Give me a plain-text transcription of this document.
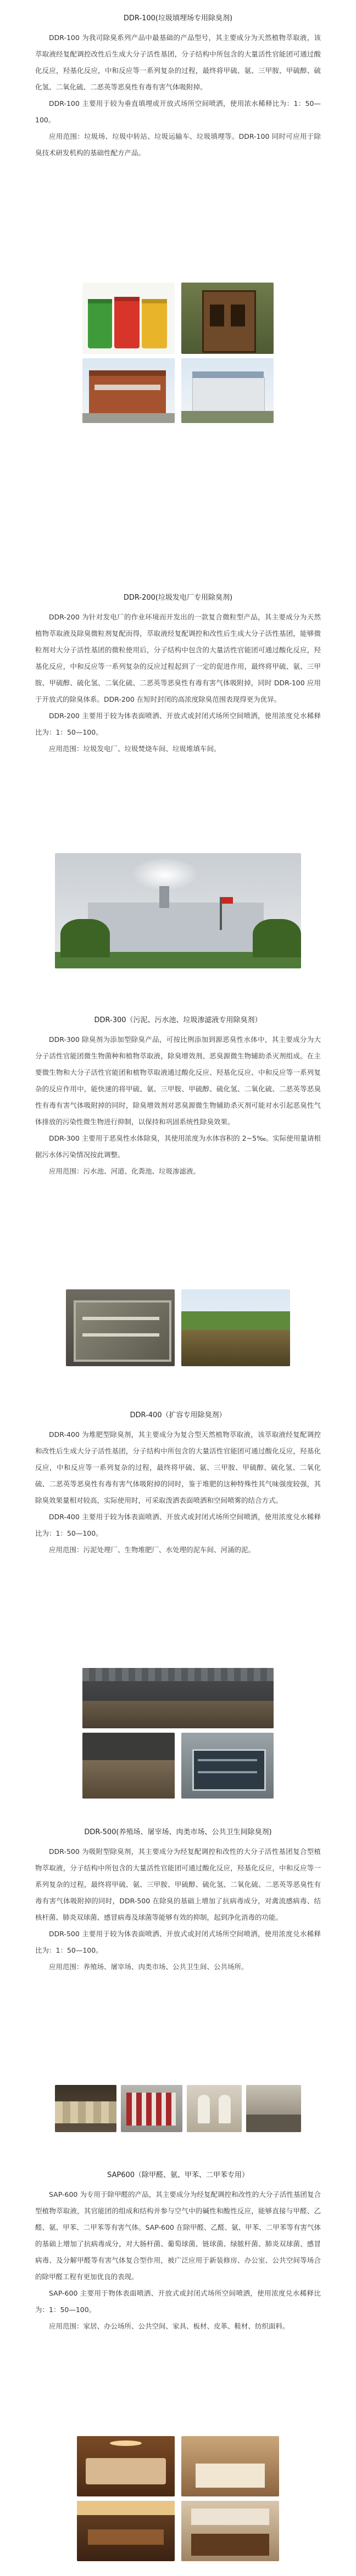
DDR-100(垃圾填埋场专用除臭剂)

DDR-100 为我司除臭系列产品中最基础的产品型号，其主要成分为天然植物萃取液，该萃取液经复配调控改性后生成大分子活性基团，分子结构中所包含的大量活性官能团可通过酸化反应，羟基化反应，中和反应等一系列复杂的过程，最终将甲硫、氨、三甲胺、甲硫醇、硫化氢、二氧化硫、二恶英等恶臭性有毒有害气体吸附掉。

DDR-100 主要用于较为垂直填埋或开放式场所空间喷洒，使用浓水稀释比为：1：50—100。

应用范围：垃圾场、垃圾中转站、垃圾运输车、垃圾填埋等。DDR-100 同时可应用于除臭技术研发机构的基础性配方产品。

DDR-200(垃圾发电厂专用除臭剂)

DDR-200 为针对发电厂的作业环境而开发出的一款复合微粒型产品，其主要成分为天然植物萃取液及除臭微粒剂复配而得，萃取液经复配调控和改性后生成大分子活性基团，能够微粒剂对大分子活性基团的微粒使用后，分子结构中包含的大量活性官能团可通过酸化反应，羟基化反应，中和反应等一系列复杂的反应过程起到了一定的促进作用，最终将甲硫、氨、三甲胺、甲硫醇、硫化氢、二氧化硫、二恶英等恶臭性有毒有害气体吸附掉，同时 DDR-100 应用于开放式的除臭体系。DDR-200 在短时封闭的高浓度除臭范围表现得更为优异。

DDR-200 主要用于较为体表面喷洒、开放式或封闭式场所空间喷洒，使用浓度兑水稀释比为：1：50—100。

应用范围：垃圾发电厂、垃圾焚烧车间、垃圾堆填车间。

DDR-300（污泥、污水池、垃圾渗滤液专用除臭剂）

DDR-300 除臭剂为添加型除臭产品，可按比例添加到源恶臭性水体中，其主要成分为大分子活性官能团微生物菌种和植物萃取液，除臭增效剂、恶臭源微生物辅助杀灭剂组成。在主要微生物和大分子活性官能团和植物萃取液通过酸化反应、羟基化反应、中和反应等一系列复杂的反应作用中，能快速的将甲硫、氨、三甲胺、甲硫醇、硫化氢、二氧化硫、二恶英等恶臭性有毒有害气体吸附掉的同时，除臭增效剂对恶臭源微生物辅助杀灭剂可能对水引起恶臭性气体排放的污染性微生物进行抑制，以保持和巩固系统性除臭效果。

DDR-300 主要用于恶臭性水体除臭，其使用浓度为水体容积的 2~5‰。实际使用量请根据污水体污染情况按此调整。

应用范围：污水池、河道、化粪池、垃圾渗滤液。

DDR-400（扩容专用除臭剂）

DDR-400 为堆肥型除臭剂，其主要成分为复合型天然植物萃取液，该萃取液经复配调控和改性后生成大分子活性基团，分子结构中所包含的大量活性官能团可通过酸化反应，羟基化反应，中和反应等一系列复杂的过程，最终将甲硫、氨、三甲胺、甲硫醇、硫化氢、二氧化硫、二恶英等恶臭性有毒有害气体吸附掉的同时，鉴于堆肥的这种特殊性其气味强度较强，其除臭效果量相对较高，实际使用时，可采取泼洒表面喷洒和空间喷雾的结合方式。

DDR-400 主要用于较为体表面喷洒、开放式或封闭式场所空间喷洒，使用浓度兑水稀释比为：1：50—100。

应用范围：污泥处理厂、生物堆肥厂、水处理的泥车间、河涌的泥。

DDR-500(养殖场、屠宰场、肉类市场、公共卫生间除臭剂)

DDR-500 为吸附型除臭剂，其主要成分为经复配调控和改性的大分子活性基团复合型植物萃取液，分子结构中所包含的大量活性官能团可通过酸化反应，羟基化反应，中和反应等一系列复杂的过程，最终将甲硫、氨、三甲胺、甲硫醇、硫化氢、二氧化硫、二恶英等恶臭性有毒有害气体吸附掉的同时，DDR-500 在除臭的基础上增加了抗病毒成分，对禽流感病毒、结核杆菌、肺炎双球菌、感冒病毒及球菌等能够有效的抑制，起到净化消毒的功能。

DDR-500 主要用于较为体表面喷洒、开放式或封闭式场所空间喷洒，使用浓度兑水稀释比为：1：50—100。

应用范围：养殖场、屠宰场、肉类市场、公共卫生间、公共场所。

SAP600（除甲醛、氨、甲苯、二甲苯专用）

SAP-600 为专用于除甲醛的产品，其主要成分为经复配调控和改性的大分子活性基团复合型植物萃取液，其官能团的组成和结构并参与空气中的碱性和酸性反应，能够直接与甲醛、乙醛、氨、甲苯、二甲苯等有害气体。SAP-600 在除甲醛、乙醛、氨、甲苯、二甲苯等有害气体的基础上增加了抗病毒成分，对大肠杆菌、葡萄球菌、链球菌、绿脓杆菌、肺炎双球菌、感冒病毒、及分解甲醛等有害气体复合型作用，被广泛应用于新装修房、办公室、公共空间等场合的除甲醛工程有更加优良的表现。

SAP-600 主要用于物体表面喷洒、开放式或封闭式场所空间喷洒，使用浓度兑水稀释比为：1：50—100。

应用范围：家居、办公场所、公共空间、家具、板材、皮革、鞋材、纺织面料。
